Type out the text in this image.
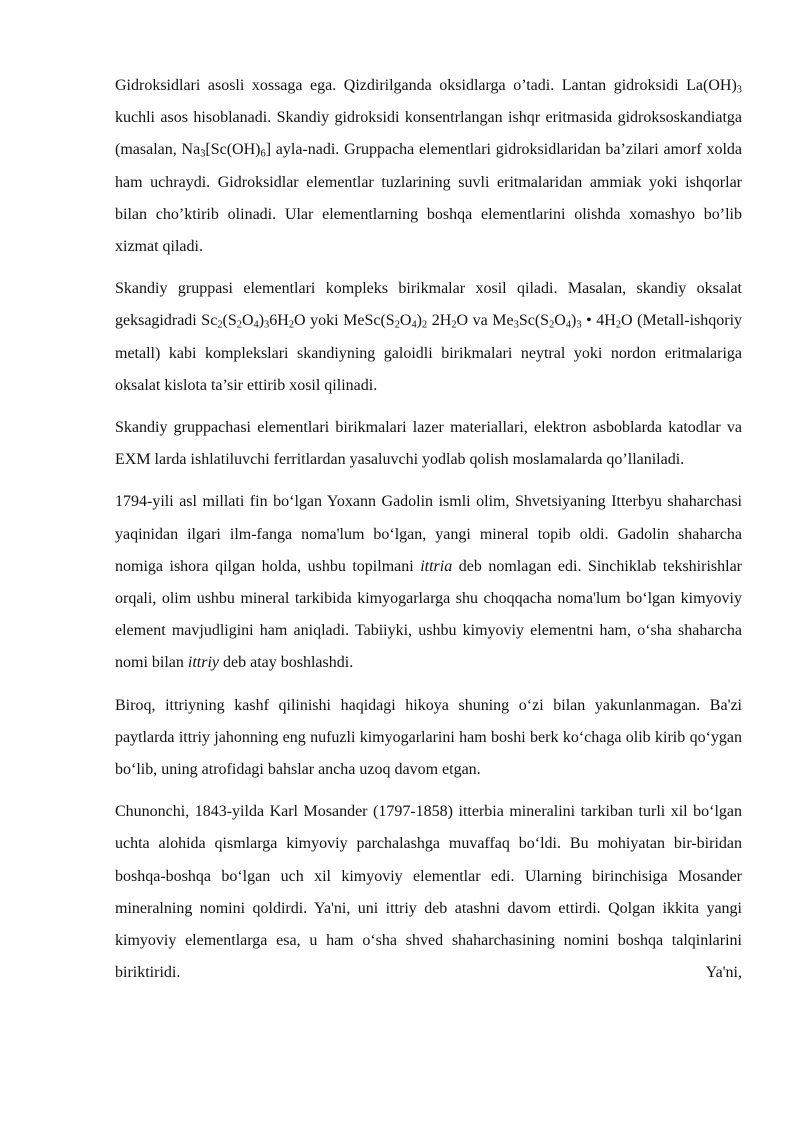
Gidroksidlari asosli xossaga ega. Qizdirilganda oksidlarga o’tadi. Lantan gidroksidi $La(OH)_3$ kuchli asos hisoblanadi. Skandiy gidroksidi konsentrlangan ishqr eritmasida gidroksoskandiatga (masalan, $Na_3[Sc(OH)_6]$ ayla-nadi. Gruppacha elementlari gidroksidlaridan ba’zilari amorf xolda ham uchraydi. Gidroksidlar elementlar tuzlarining suvli eritmalaridan ammiak yoki ishqorlar bilan cho’ktirib olinadi. Ular elementlarning boshqa elementlarini olishda xomashyo bo’lib xizmat qiladi.

Skandiy gruppasi elementlari kompleks birikmalar xosil qiladi. Masalan, skandiy oksalat geksagidradi $Sc_2(S_2O_4)_36H_2O$ yoki $MeSc(S_2O_4)_2$ $2H_2O$ va $Me_3Sc(S_2O_4)_3$ • $4H_2O$ (Metall-ishqoriy metall) kabi komplekslari skandiyning galoidli birikmalari neytral yoki nordon eritmalariga oksalat kislota ta’sir ettirib xosil qilinadi.

Skandiy gruppachasi elementlari birikmalari lazer materiallari, elektron asboblarda katodlar va EXM larda ishlatiluvchi ferritlardan yasaluvchi yodlab qolish moslamalarda qo’llaniladi.

1794-yili asl millati fin bo‘lgan Yoxann Gadolin ismli olim, Shvetsiyaning Itterbyu shaharchasi yaqinidan ilgari ilm-fanga noma'lum bo‘lgan, yangi mineral topib oldi. Gadolin shaharcha nomiga ishora qilgan holda, ushbu topilmani ittria deb nomlagan edi. Sinchiklab tekshirishlar orqali, olim ushbu mineral tarkibida kimyogarlarga shu choqqacha noma'lum bo‘lgan kimyoviy element mavjudligini ham aniqladi. Tabiiyki, ushbu kimyoviy elementni ham, o‘sha shaharcha nomi bilan ittriy deb atay boshlashdi.

Biroq, ittriyning kashf qilinishi haqidagi hikoya shuning o‘zi bilan yakunlanmagan. Ba'zi paytlarda ittriy jahonning eng nufuzli kimyogarlarini ham boshi berk ko‘chaga olib kirib qo‘ygan bo‘lib, uning atrofidagi bahslar ancha uzoq davom etgan.

Chunonchi, 1843-yilda Karl Mosander (1797-1858) itterbia mineralini tarkiban turli xil bo‘lgan uchta alohida qismlarga kimyoviy parchalashga muvaffaq bo‘ldi. Bu mohiyatan bir-biridan boshqa-boshqa bo‘lgan uch xil kimyoviy elementlar edi. Ularning birinchisiga Mosander mineralning nomini qoldirdi. Ya'ni, uni ittriy deb atashni davom ettirdi. Qolgan ikkita yangi kimyoviy elementlarga esa, u ham o‘sha shved shaharchasining nomini boshqa talqinlarini biriktiridi. Ya'ni,
